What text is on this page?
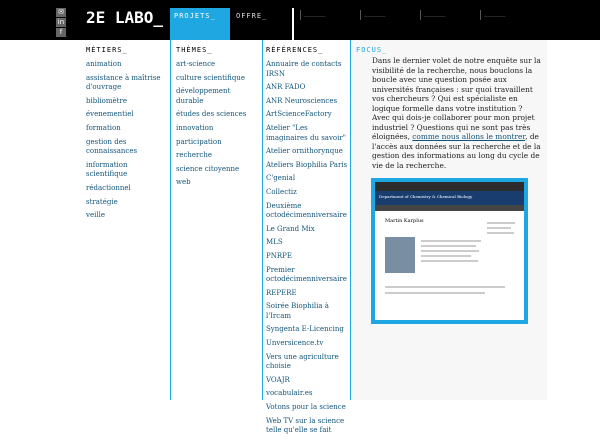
✉
in
f
2E LABO_	PROJETS_	OFFRE_	______	______	______	______
MÉTIERS_
animation
assistance à maîtrise d'ouvrage
bibliomètre
évenementiel
formation
gestion des connaissances
information scientifique
rédactionnel
stratégie
veille
THÈMES_
art-science
culture scientifique
développement durable
études des sciences
innovation
participation
recherche
science citoyenne
web
RÉFÉRENCES_
Annuaire de contacts IRSN
ANR FADO
ANR Neurosciences
ArtScienceFactory
Atelier "Les imaginaires du savoir"
Atelier ornithorynque
Ateliers Biophilia Paris
C'genial
Collectiz
Deuxième octodécimenniversaire
Le Grand Mix
MLS
PNRPE
Premier octodécimenniversaire
REPERE
Soirée Biophilia à l'Ircam
Syngenta E-Licencing
Unversicence.tv
Vers une agriculture choisie
VOAJR
vocabulair.es
Votons pour la science
Web TV sur la science telle qu'elle se fait
FOCUS_
Dans le dernier volet de notre enquête sur la visibilité de la recherche, nous bouclons la boucle avec une question posée aux universités françaises : sur quoi travaillent vos chercheurs ? Qui est spécialiste en logique formelle dans votre institution ? Avec qui dois-je collaborer pour mon projet industriel ? Questions qui ne sont pas très éloignées, comme nous allons le montrer, de l'accès aux données sur la recherche et de la gestion des informations au long du cycle de vie de la recherche.
Department of Chemistry & Chemical Biology
Martin Karplus
